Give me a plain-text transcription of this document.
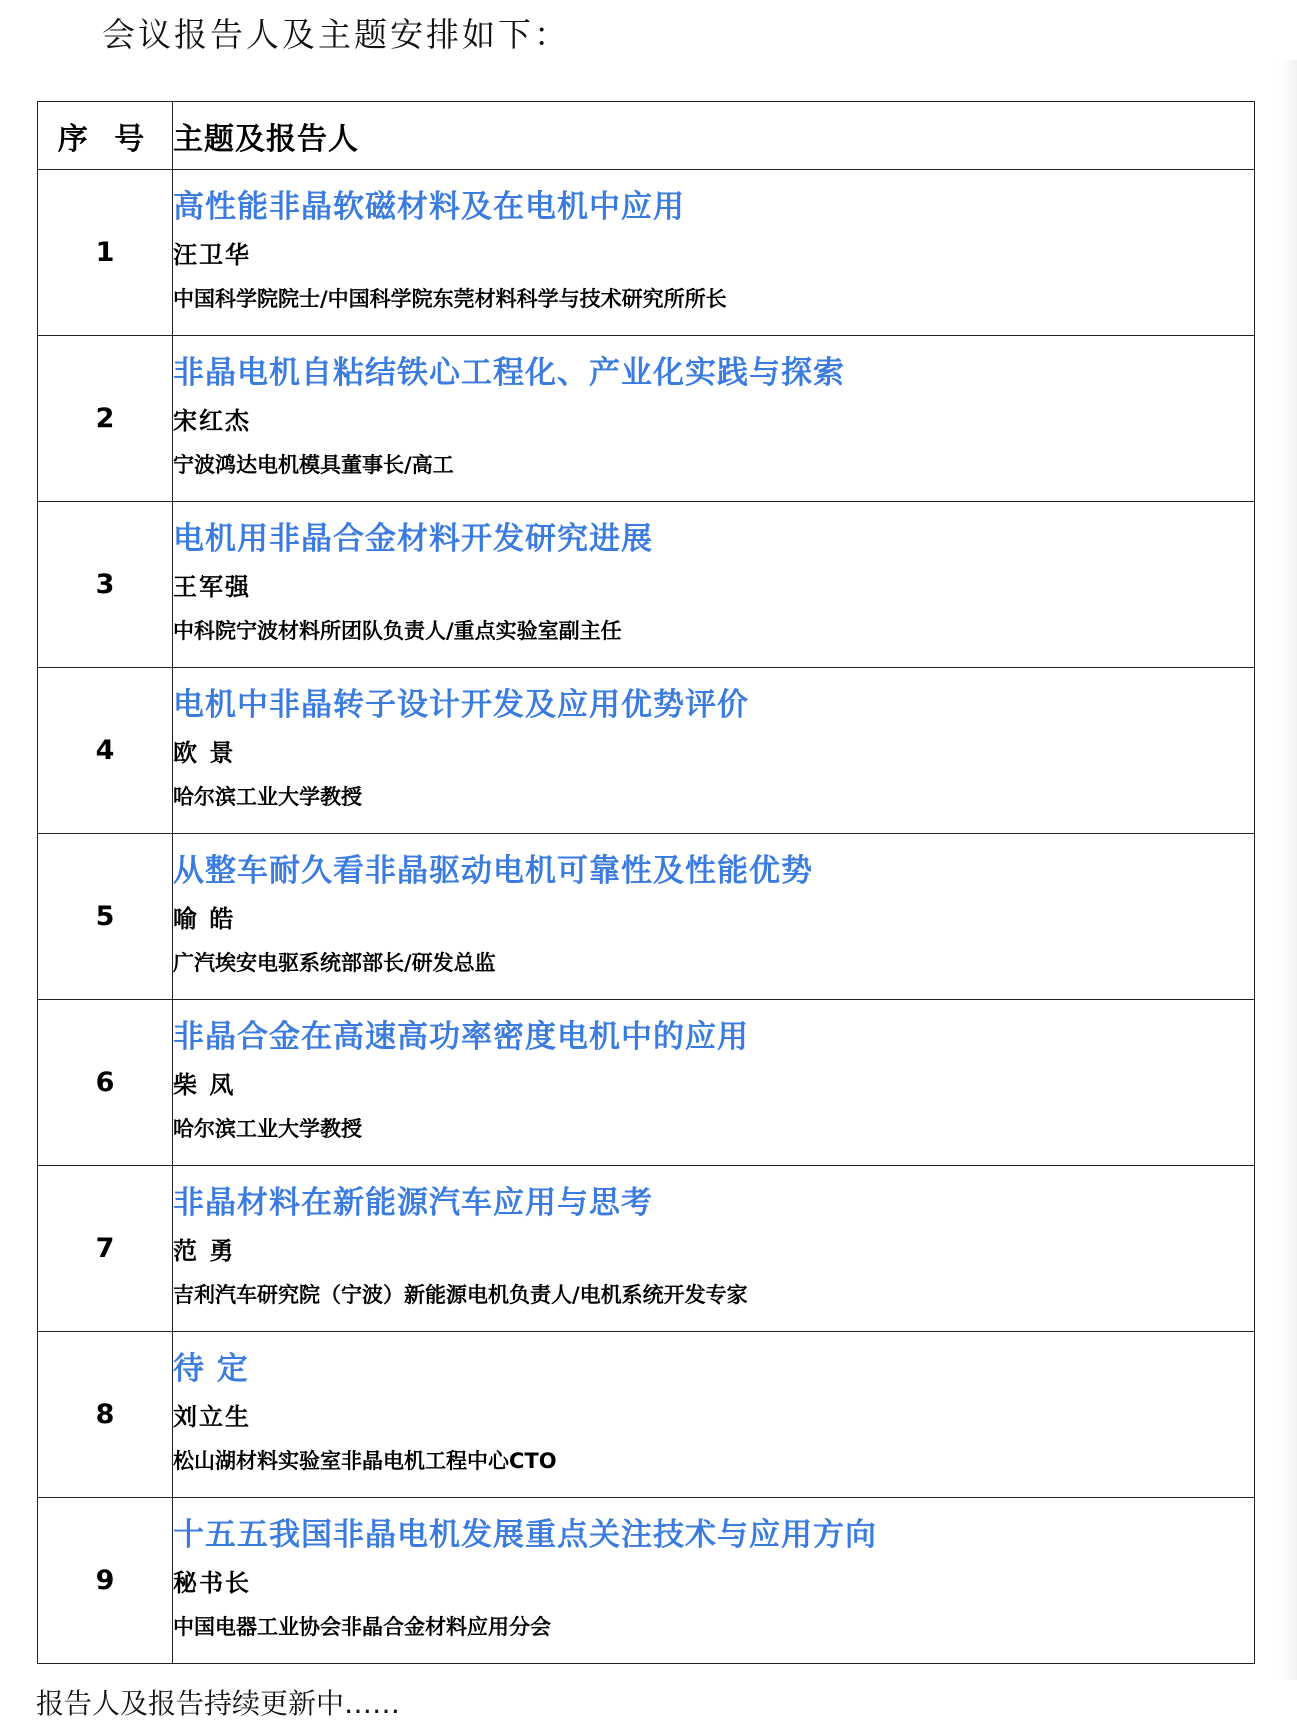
会议报告人及主题安排如下：
序 号	主题及报告人
1	高性能非晶软磁材料及在电机中应用
汪卫华
中国科学院院士/中国科学院东莞材料科学与技术研究所所长

2	非晶电机自粘结铁心工程化、产业化实践与探索
宋红杰
宁波鸿达电机模具董事长/高工

3	电机用非晶合金材料开发研究进展
王军强
中科院宁波材料所团队负责人/重点实验室副主任

4	电机中非晶转子设计开发及应用优势评价
欧 景
哈尔滨工业大学教授

5	从整车耐久看非晶驱动电机可靠性及性能优势
喻 皓
广汽埃安电驱系统部部长/研发总监

6	非晶合金在高速高功率密度电机中的应用
柴 凤
哈尔滨工业大学教授

7	非晶材料在新能源汽车应用与思考
范 勇
吉利汽车研究院（宁波）新能源电机负责人/电机系统开发专家

8	待 定
刘立生
松山湖材料实验室非晶电机工程中心CTO

9	十五五我国非晶电机发展重点关注技术与应用方向
秘书长
中国电器工业协会非晶合金材料应用分会
报告人及报告持续更新中……
